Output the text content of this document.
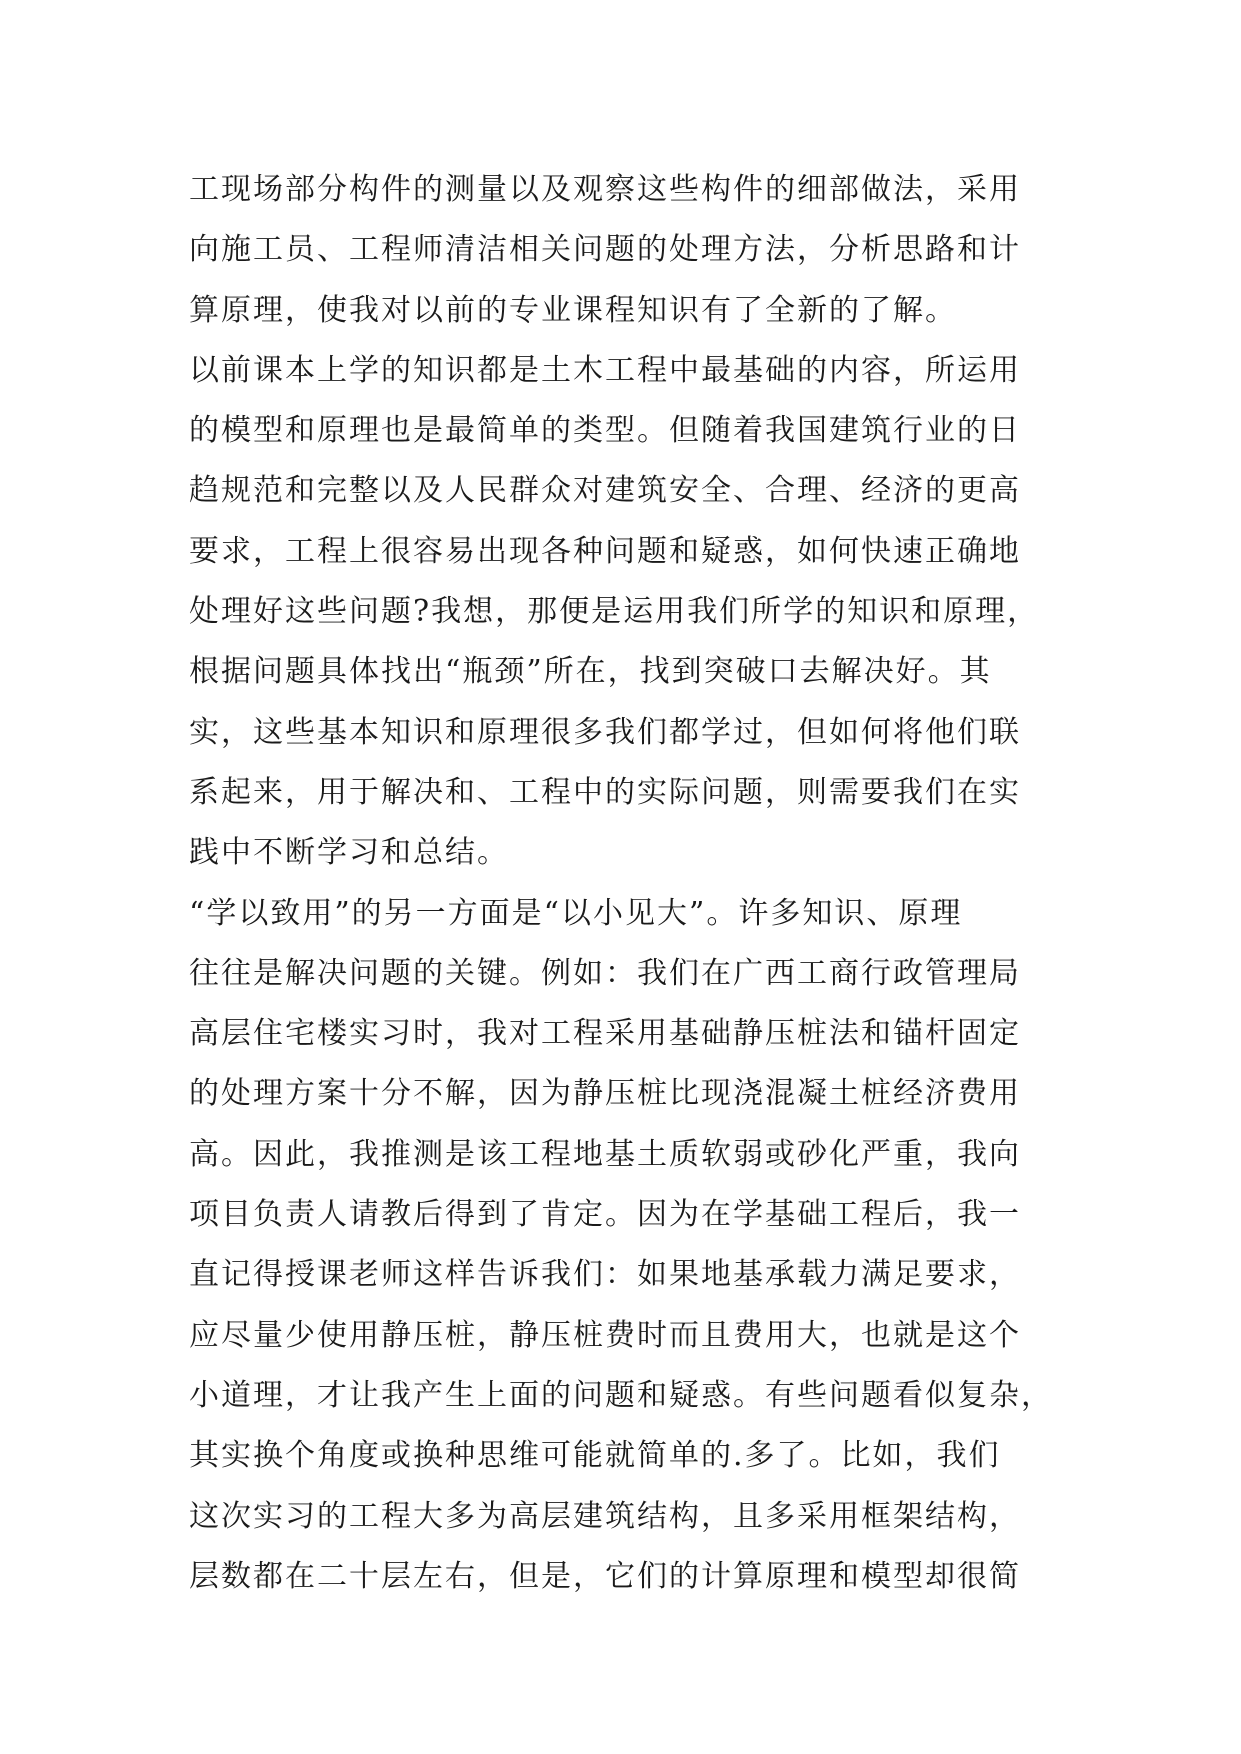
工现场部分构件的测量以及观察这些构件的细部做法，采用
向施工员、工程师清洁相关问题的处理方法，分析思路和计
算原理，使我对以前的专业课程知识有了全新的了解。
以前课本上学的知识都是土木工程中最基础的内容，所运用
的模型和原理也是最简单的类型。但随着我国建筑行业的日
趋规范和完整以及人民群众对建筑安全、合理、经济的更高
要求，工程上很容易出现各种问题和疑惑，如何快速正确地
处理好这些问题?我想，那便是运用我们所学的知识和原理，
根据问题具体找出“瓶颈”所在，找到突破口去解决好。其
实，这些基本知识和原理很多我们都学过，但如何将他们联
系起来，用于解决和、工程中的实际问题，则需要我们在实
践中不断学习和总结。
“学以致用”的另一方面是“以小见大”。许多知识、原理
往往是解决问题的关键。例如：我们在广西工商行政管理局
高层住宅楼实习时，我对工程采用基础静压桩法和锚杆固定
的处理方案十分不解，因为静压桩比现浇混凝土桩经济费用
高。因此，我推测是该工程地基土质软弱或砂化严重，我向
项目负责人请教后得到了肯定。因为在学基础工程后，我一
直记得授课老师这样告诉我们：如果地基承载力满足要求，
应尽量少使用静压桩，静压桩费时而且费用大，也就是这个
小道理，才让我产生上面的问题和疑惑。有些问题看似复杂，
其实换个角度或换种思维可能就简单的.多了。比如，我们
这次实习的工程大多为高层建筑结构，且多采用框架结构，
层数都在二十层左右，但是，它们的计算原理和模型却很简
